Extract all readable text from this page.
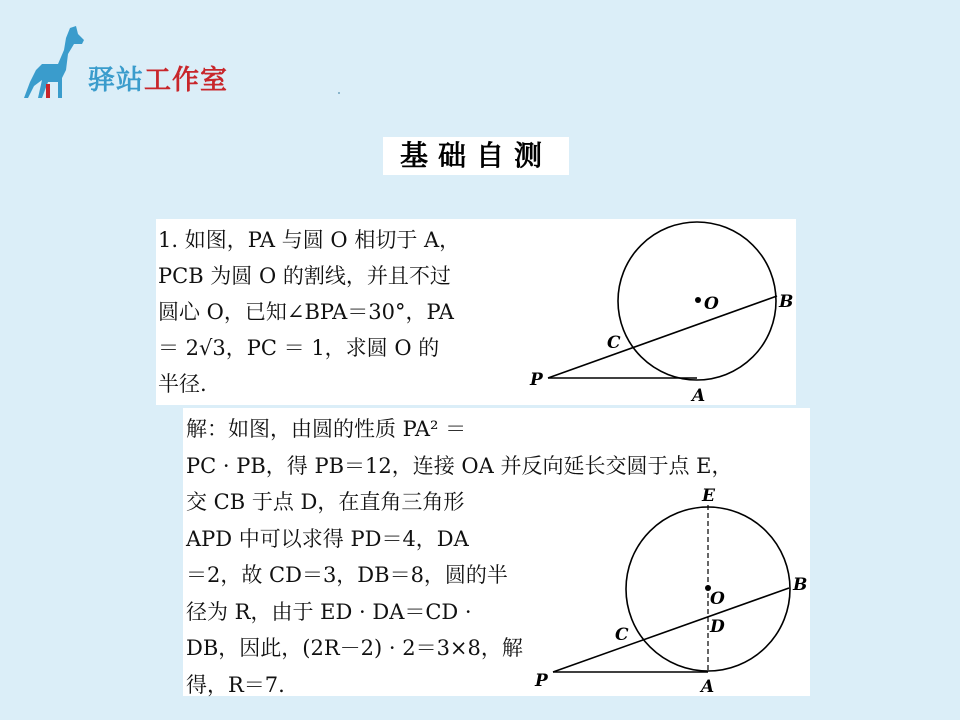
驿站工作室
基础自测
1. 如图，PA 与圆 O 相切于 A，
PCB 为圆 O 的割线，并且不过
圆心 O，已知∠BPA＝30°，PA
＝ 2√3，PC ＝ 1，求圆 O 的
半径.
O	B
C
P
A
解：如图，由圆的性质 PA² ＝
PC · PB，得 PB＝12，连接 OA 并反向延长交圆于点 E，
交 CB 于点 D，在直角三角形
APD 中可以求得 PD＝4，DA
＝2，故 CD＝3，DB＝8，圆的半
径为 R，由于 ED · DA＝CD ·
DB，因此，(2R－2) · 2＝3×8，解
得，R＝7.
E
O
B
D
C
P	A
